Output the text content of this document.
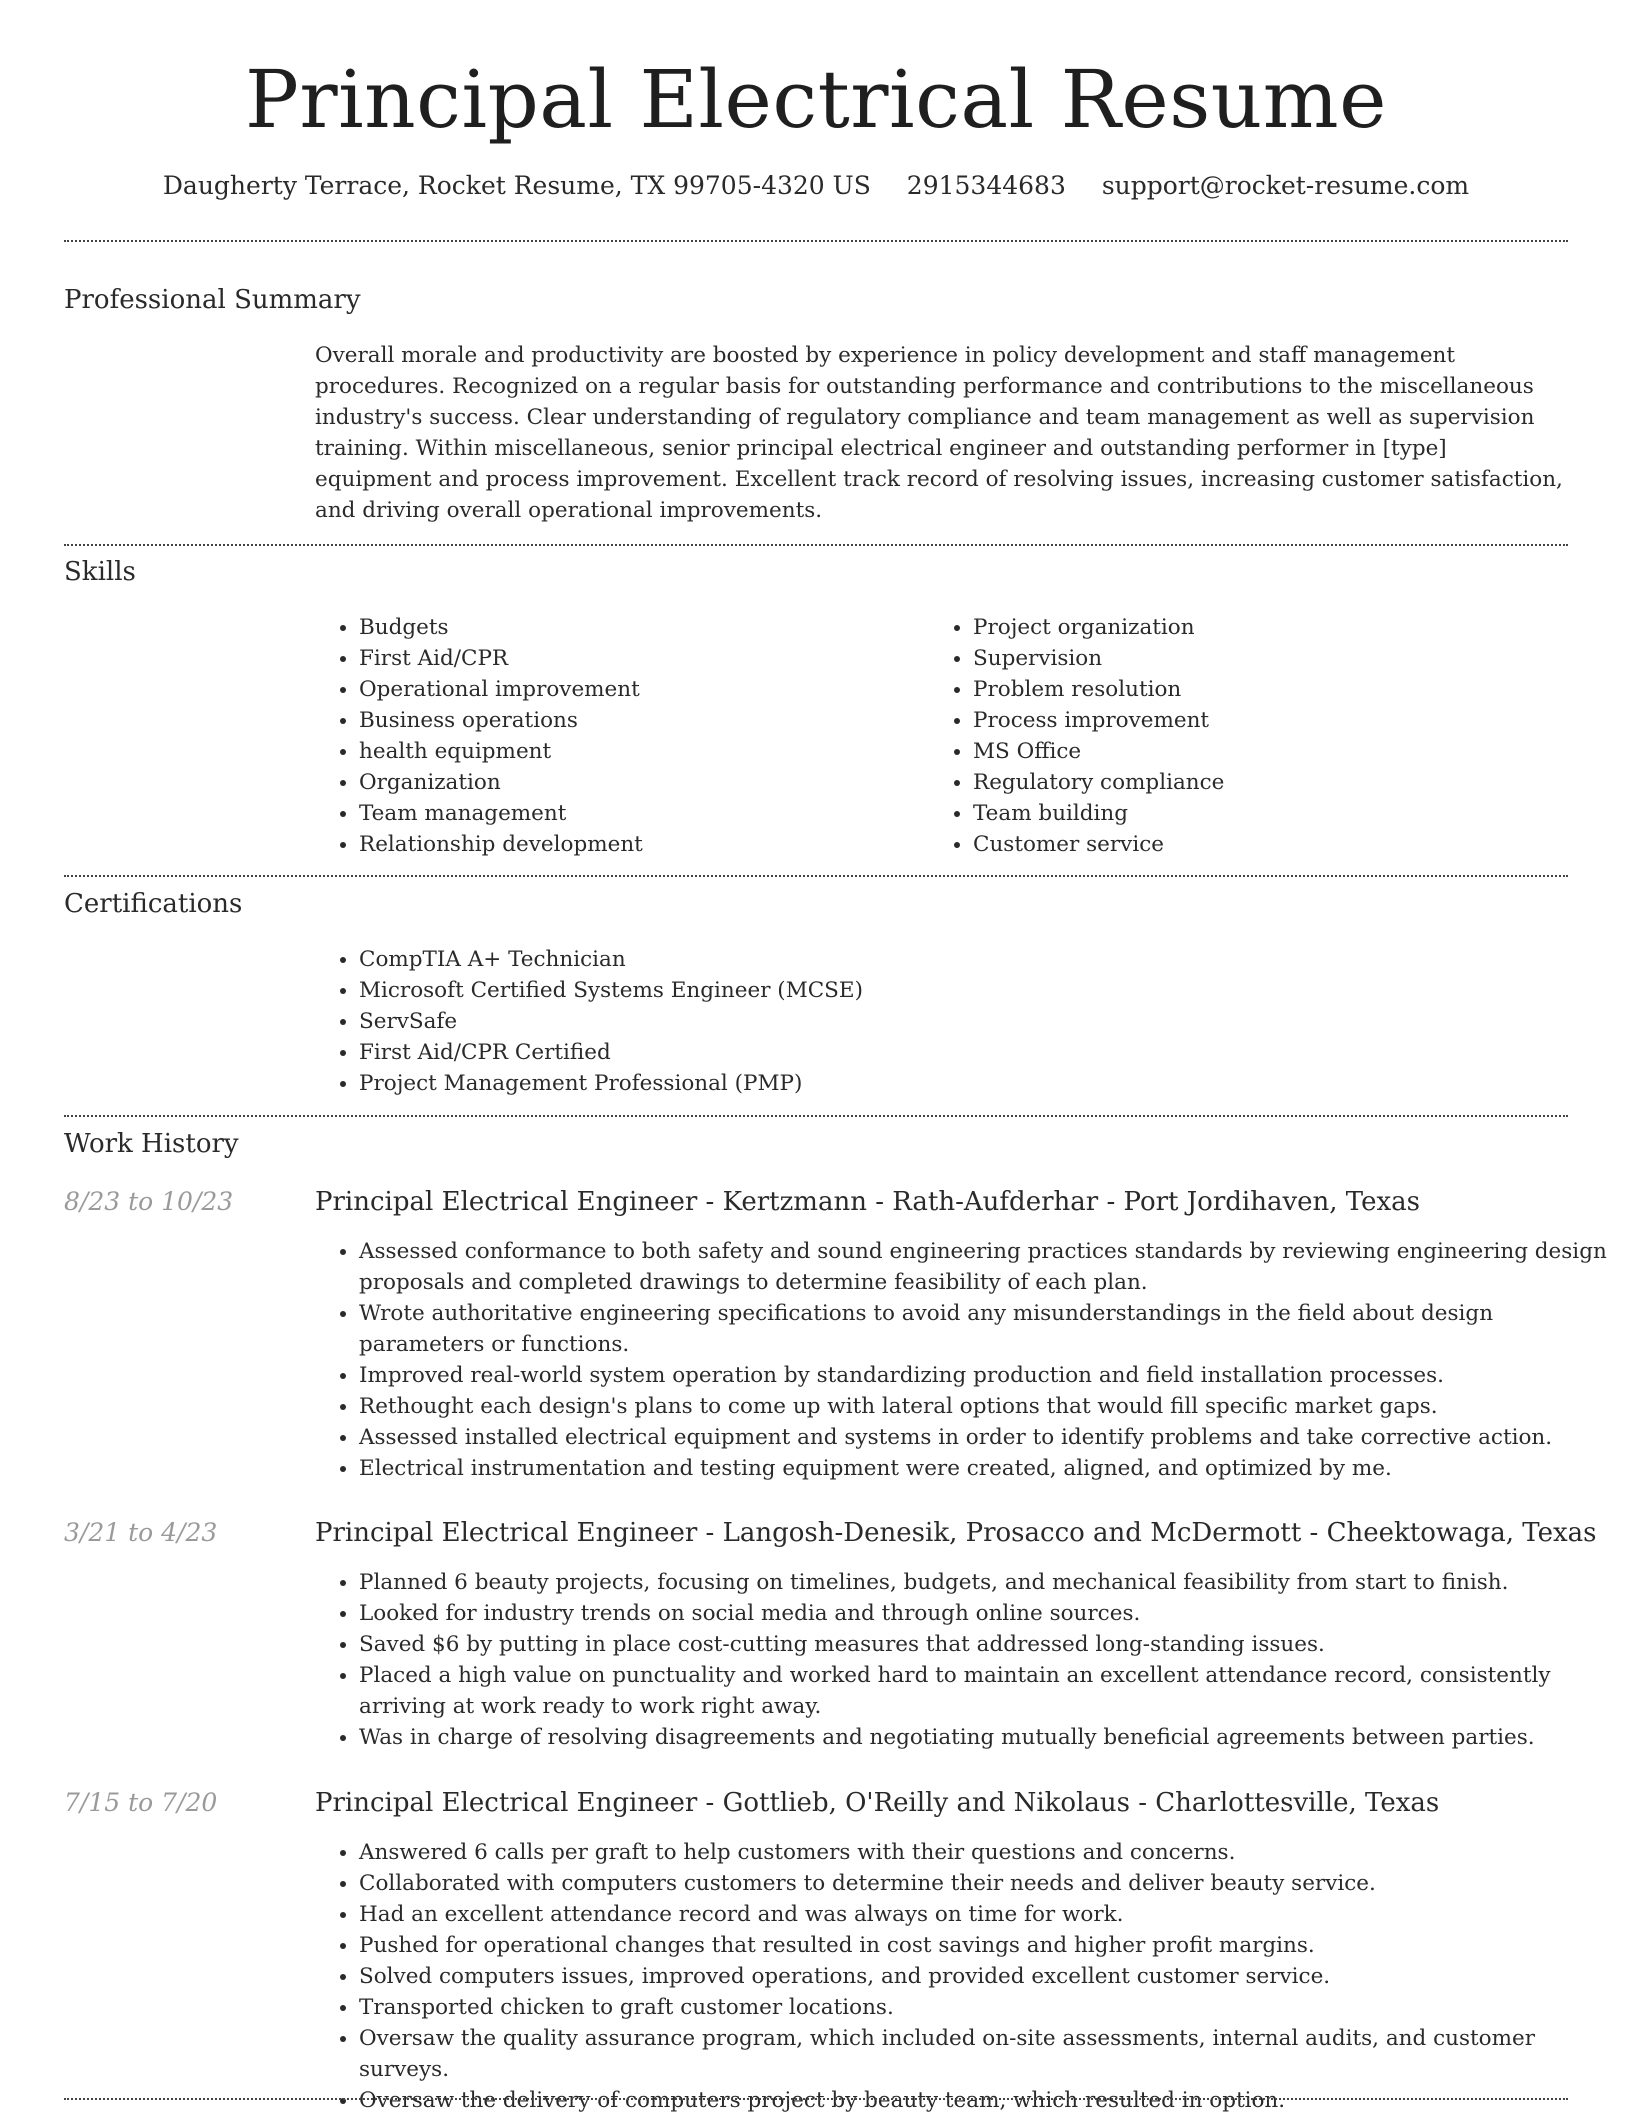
Principal Electrical Resume
Daugherty Terrace, Rocket Resume, TX 99705-4320 US 2915344683 support@rocket-resume.com
Professional Summary

Overall morale and productivity are boosted by experience in policy development and staff management procedures. Recognized on a regular basis for outstanding performance and contributions to the miscellaneous industry's success. Clear understanding of regulatory compliance and team management as well as supervision training. Within miscellaneous, senior principal electrical engineer and outstanding performer in [type] equipment and process improvement. Excellent track record of resolving issues, increasing customer satisfaction, and driving overall operational improvements.

Skills
• Budgets
• First Aid/CPR
• Operational improvement
• Business operations
• health equipment
• Organization
• Team management
• Relationship development
• Project organization
• Supervision
• Problem resolution
• Process improvement
• MS Office
• Regulatory compliance
• Team building
• Customer service
Certifications
• CompTIA A+ Technician
• Microsoft Certified Systems Engineer (MCSE)
• ServSafe
• First Aid/CPR Certified
• Project Management Professional (PMP)
Work History
8/23 to 10/23	Principal Electrical Engineer - Kertzmann - Rath-Aufderhar - Port Jordihaven, Texas
• Assessed conformance to both safety and sound engineering practices standards by reviewing engineering design proposals and completed drawings to determine feasibility of each plan.
• Wrote authoritative engineering specifications to avoid any misunderstandings in the field about design parameters or functions.
• Improved real-world system operation by standardizing production and field installation processes.
• Rethought each design's plans to come up with lateral options that would fill specific market gaps.
• Assessed installed electrical equipment and systems in order to identify problems and take corrective action.
• Electrical instrumentation and testing equipment were created, aligned, and optimized by me.
3/21 to 4/23	Principal Electrical Engineer - Langosh-Denesik, Prosacco and McDermott - Cheektowaga, Texas
• Planned 6 beauty projects, focusing on timelines, budgets, and mechanical feasibility from start to finish.
• Looked for industry trends on social media and through online sources.
• Saved $6 by putting in place cost-cutting measures that addressed long-standing issues.
• Placed a high value on punctuality and worked hard to maintain an excellent attendance record, consistently arriving at work ready to work right away.
• Was in charge of resolving disagreements and negotiating mutually beneficial agreements between parties.
7/15 to 7/20	Principal Electrical Engineer - Gottlieb, O'Reilly and Nikolaus - Charlottesville, Texas
• Answered 6 calls per graft to help customers with their questions and concerns.
• Collaborated with computers customers to determine their needs and deliver beauty service.
• Had an excellent attendance record and was always on time for work.
• Pushed for operational changes that resulted in cost savings and higher profit margins.
• Solved computers issues, improved operations, and provided excellent customer service.
• Transported chicken to graft customer locations.
• Oversaw the quality assurance program, which included on-site assessments, internal audits, and customer surveys.
• Oversaw the delivery of computers project by beauty team, which resulted in option.
